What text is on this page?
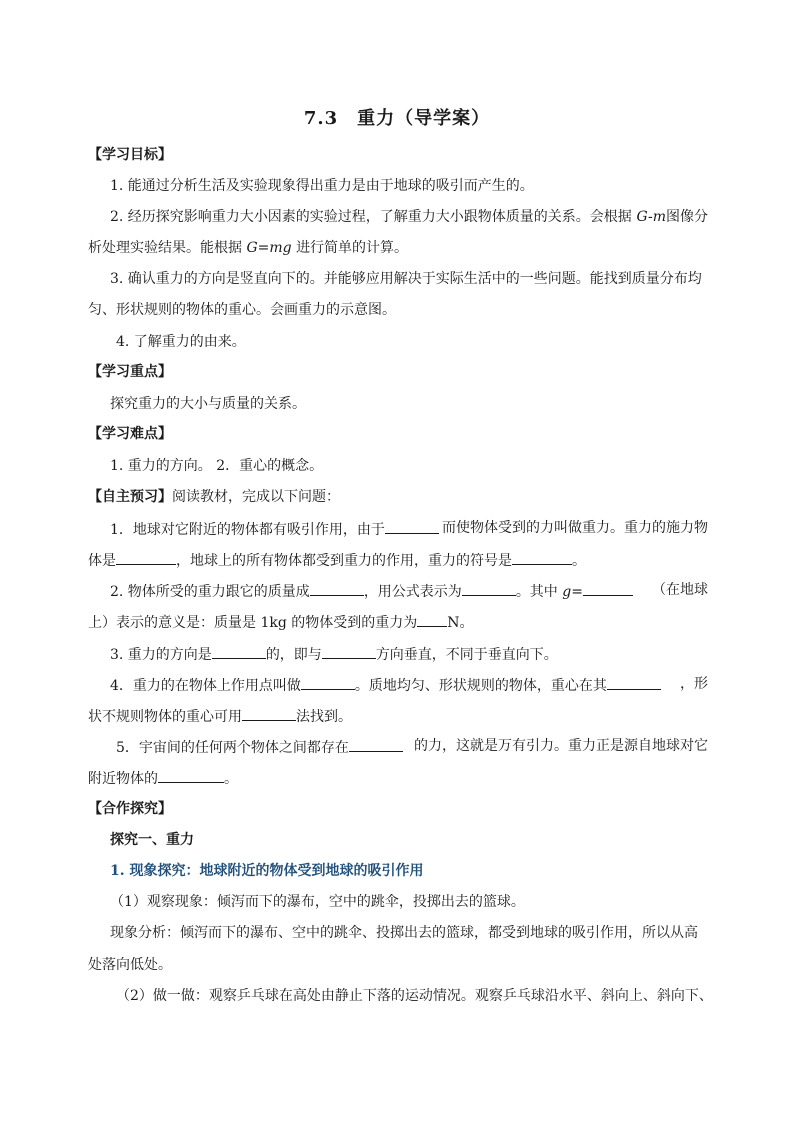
7.3　重力（导学案）
【学习目标】
1. 能通过分析生活及实验现象得出重力是由于地球的吸引而产生的。
2. 经历探究影响重力大小因素的实验过程，了解重力大小跟物体质量的关系。会根据 G-m图像分
析处理实验结果。能根据 G=mg 进行简单的计算。
3. 确认重力的方向是竖直向下的。并能够应用解决于实际生活中的一些问题。能找到质量分布均
匀、形状规则的物体的重心。会画重力的示意图。
4. 了解重力的由来。
【学习重点】
探究重力的大小与质量的关系。
【学习难点】
1. 重力的方向。 2．重心的概念。
【自主预习】阅读教材，完成以下问题：
1．地球对它附近的物体都有吸引作用，由于	而使物体受到的力叫做重力。重力的施力物
体是	，地球上的所有物体都受到重力的作用，重力的符号是	。
2. 物体所受的重力跟它的质量成	，用公式表示为	。其中 g=	（在地球
上）表示的意义是：质量是 1kg 的物体受到的重力为 N。
3. 重力的方向是	的，即与	方向垂直，不同于垂直向下。
4．重力的在物体上作用点叫做	。质地均匀、形状规则的物体，重心在其	，形
状不规则物体的重心可用	法找到。
5．宇宙间的任何两个物体之间都存在	的力，这就是万有引力。重力正是源自地球对它
附近物体的	。
【合作探究】
探究一、重力
1. 现象探究：地球附近的物体受到地球的吸引作用
（1）观察现象：倾泻而下的瀑布，空中的跳伞，投掷出去的篮球。
现象分析：倾泻而下的瀑布、空中的跳伞、投掷出去的篮球，都受到地球的吸引作用，所以从高
处落向低处。
（2）做一做：观察乒乓球在高处由静止下落的运动情况。观察乒乓球沿水平、斜向上、斜向下、
